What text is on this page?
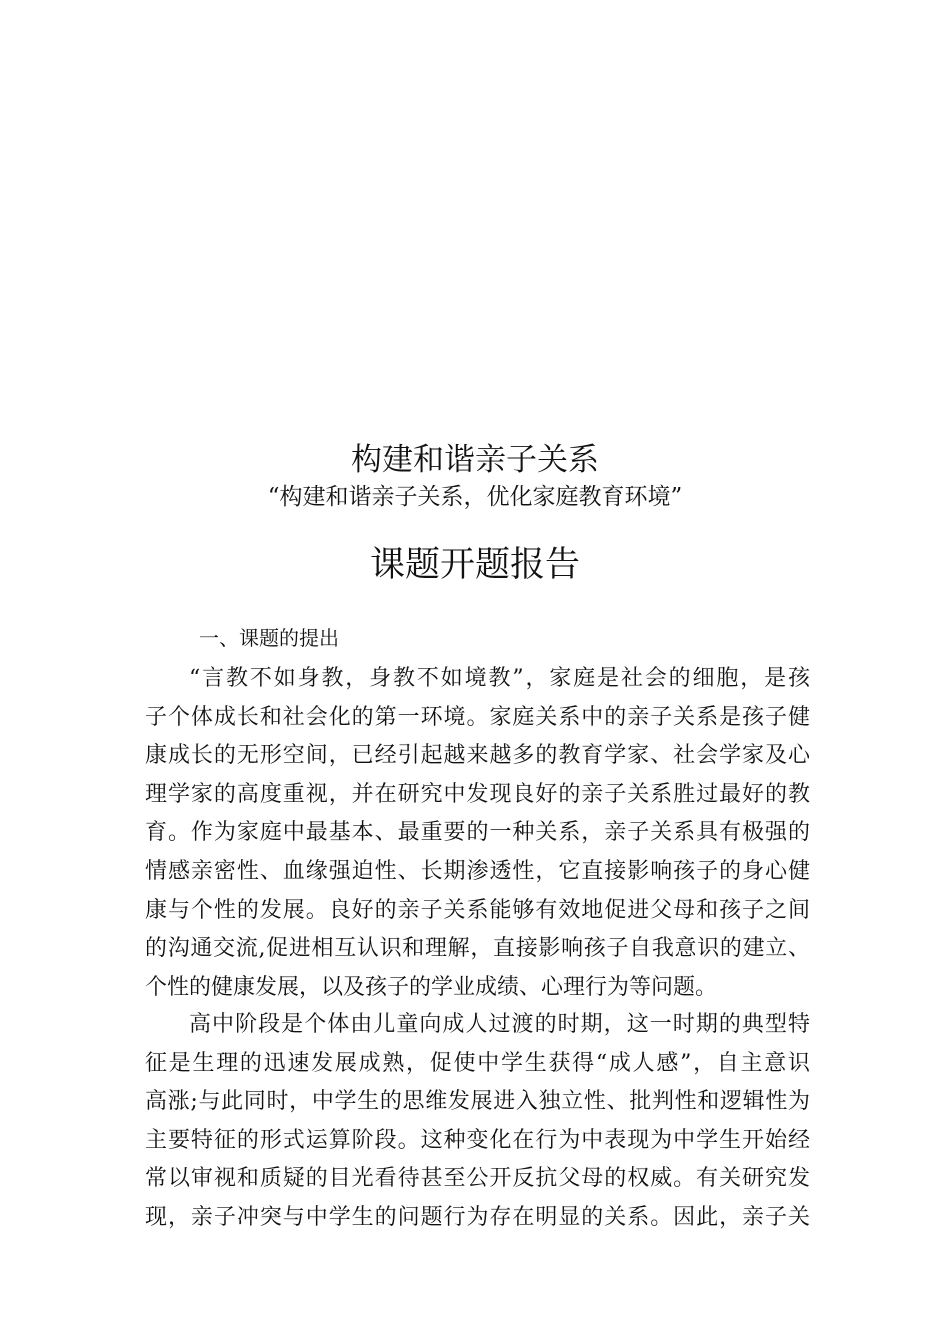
构建和谐亲子关系
“构建和谐亲子关系，优化家庭教育环境”
课题开题报告
一、课题的提出
“言教不如身教，身教不如境教”，家庭是社会的细胞，是孩
子个体成长和社会化的第一环境。家庭关系中的亲子关系是孩子健
康成长的无形空间，已经引起越来越多的教育学家、社会学家及心
理学家的高度重视，并在研究中发现良好的亲子关系胜过最好的教
育。作为家庭中最基本、最重要的一种关系，亲子关系具有极强的
情感亲密性、血缘强迫性、长期渗透性，它直接影响孩子的身心健
康与个性的发展。良好的亲子关系能够有效地促进父母和孩子之间
的沟通交流,促进相互认识和理解，直接影响孩子自我意识的建立、
个性的健康发展，以及孩子的学业成绩、心理行为等问题。
高中阶段是个体由儿童向成人过渡的时期，这一时期的典型特
征是生理的迅速发展成熟，促使中学生获得“成人感”，自主意识
高涨;与此同时，中学生的思维发展进入独立性、批判性和逻辑性为
主要特征的形式运算阶段。这种变化在行为中表现为中学生开始经
常以审视和质疑的目光看待甚至公开反抗父母的权威。有关研究发
现，亲子冲突与中学生的问题行为存在明显的关系。因此，亲子关
